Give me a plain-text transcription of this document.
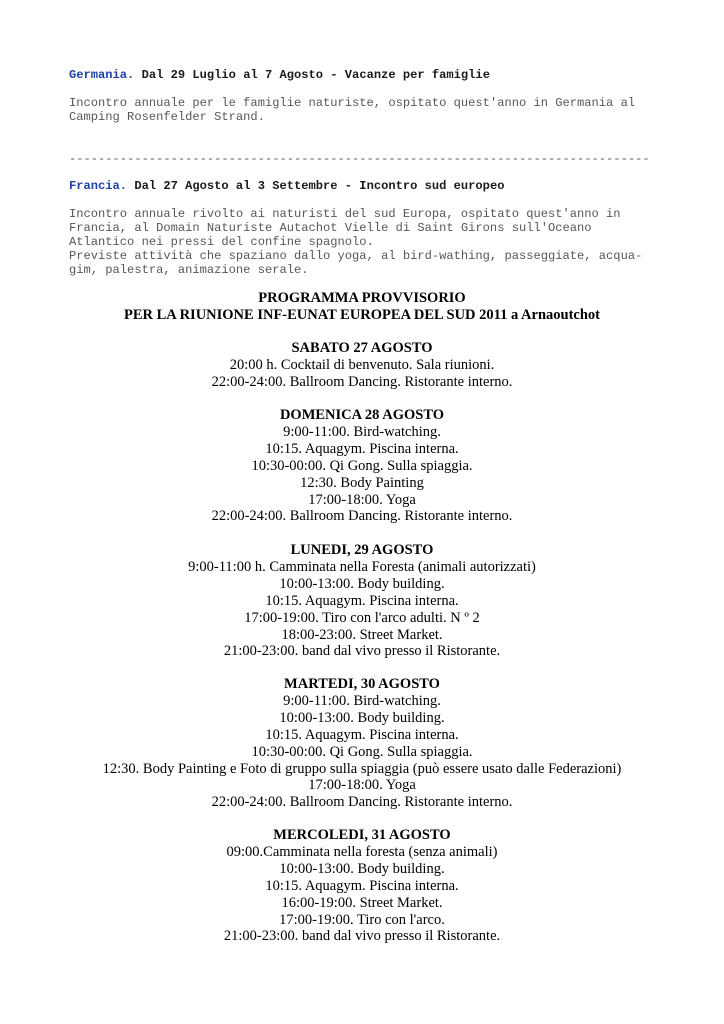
Germania. Dal 29 Luglio al 7 Agosto - Vacanze per famiglie
Incontro annuale per le famiglie naturiste, ospitato quest'anno in Germania al
Camping Rosenfelder Strand.
--------------------------------------------------------------------------------
Francia. Dal 27 Agosto al 3 Settembre - Incontro sud europeo
Incontro annuale rivolto ai naturisti del sud Europa, ospitato quest'anno in
Francia, al Domain Naturiste Autachot Vielle di Saint Girons sull'Oceano
Atlantico nei pressi del confine spagnolo.
Previste attività che spaziano dallo yoga, al bird-wathing, passeggiate, acqua-
gim, palestra, animazione serale.
PROGRAMMA PROVVISORIO
PER LA RIUNIONE INF-EUNAT EUROPEA DEL SUD 2011 a Arnaoutchot
SABATO 27 AGOSTO
20:00 h. Cocktail di benvenuto. Sala riunioni.
22:00-24:00. Ballroom Dancing. Ristorante interno.
DOMENICA 28 AGOSTO
9:00-11:00. Bird-watching.
10:15. Aquagym. Piscina interna.
10:30-00:00. Qi Gong. Sulla spiaggia.
12:30. Body Painting
17:00-18:00. Yoga
22:00-24:00. Ballroom Dancing. Ristorante interno.
LUNEDI, 29 AGOSTO
9:00-11:00 h. Camminata nella Foresta (animali autorizzati)
10:00-13:00. Body building.
10:15. Aquagym. Piscina interna.
17:00-19:00. Tiro con l'arco adulti. N º 2
18:00-23:00. Street Market.
21:00-23:00. band dal vivo presso il Ristorante.
MARTEDI, 30 AGOSTO
9:00-11:00. Bird-watching.
10:00-13:00. Body building.
10:15. Aquagym. Piscina interna.
10:30-00:00. Qi Gong. Sulla spiaggia.
12:30. Body Painting e Foto di gruppo sulla spiaggia (può essere usato dalle Federazioni)
17:00-18:00. Yoga
22:00-24:00. Ballroom Dancing. Ristorante interno.
MERCOLEDI, 31 AGOSTO
09:00.Camminata nella foresta (senza animali)
10:00-13:00. Body building.
10:15. Aquagym. Piscina interna.
16:00-19:00. Street Market.
17:00-19:00. Tiro con l'arco.
21:00-23:00. band dal vivo presso il Ristorante.
